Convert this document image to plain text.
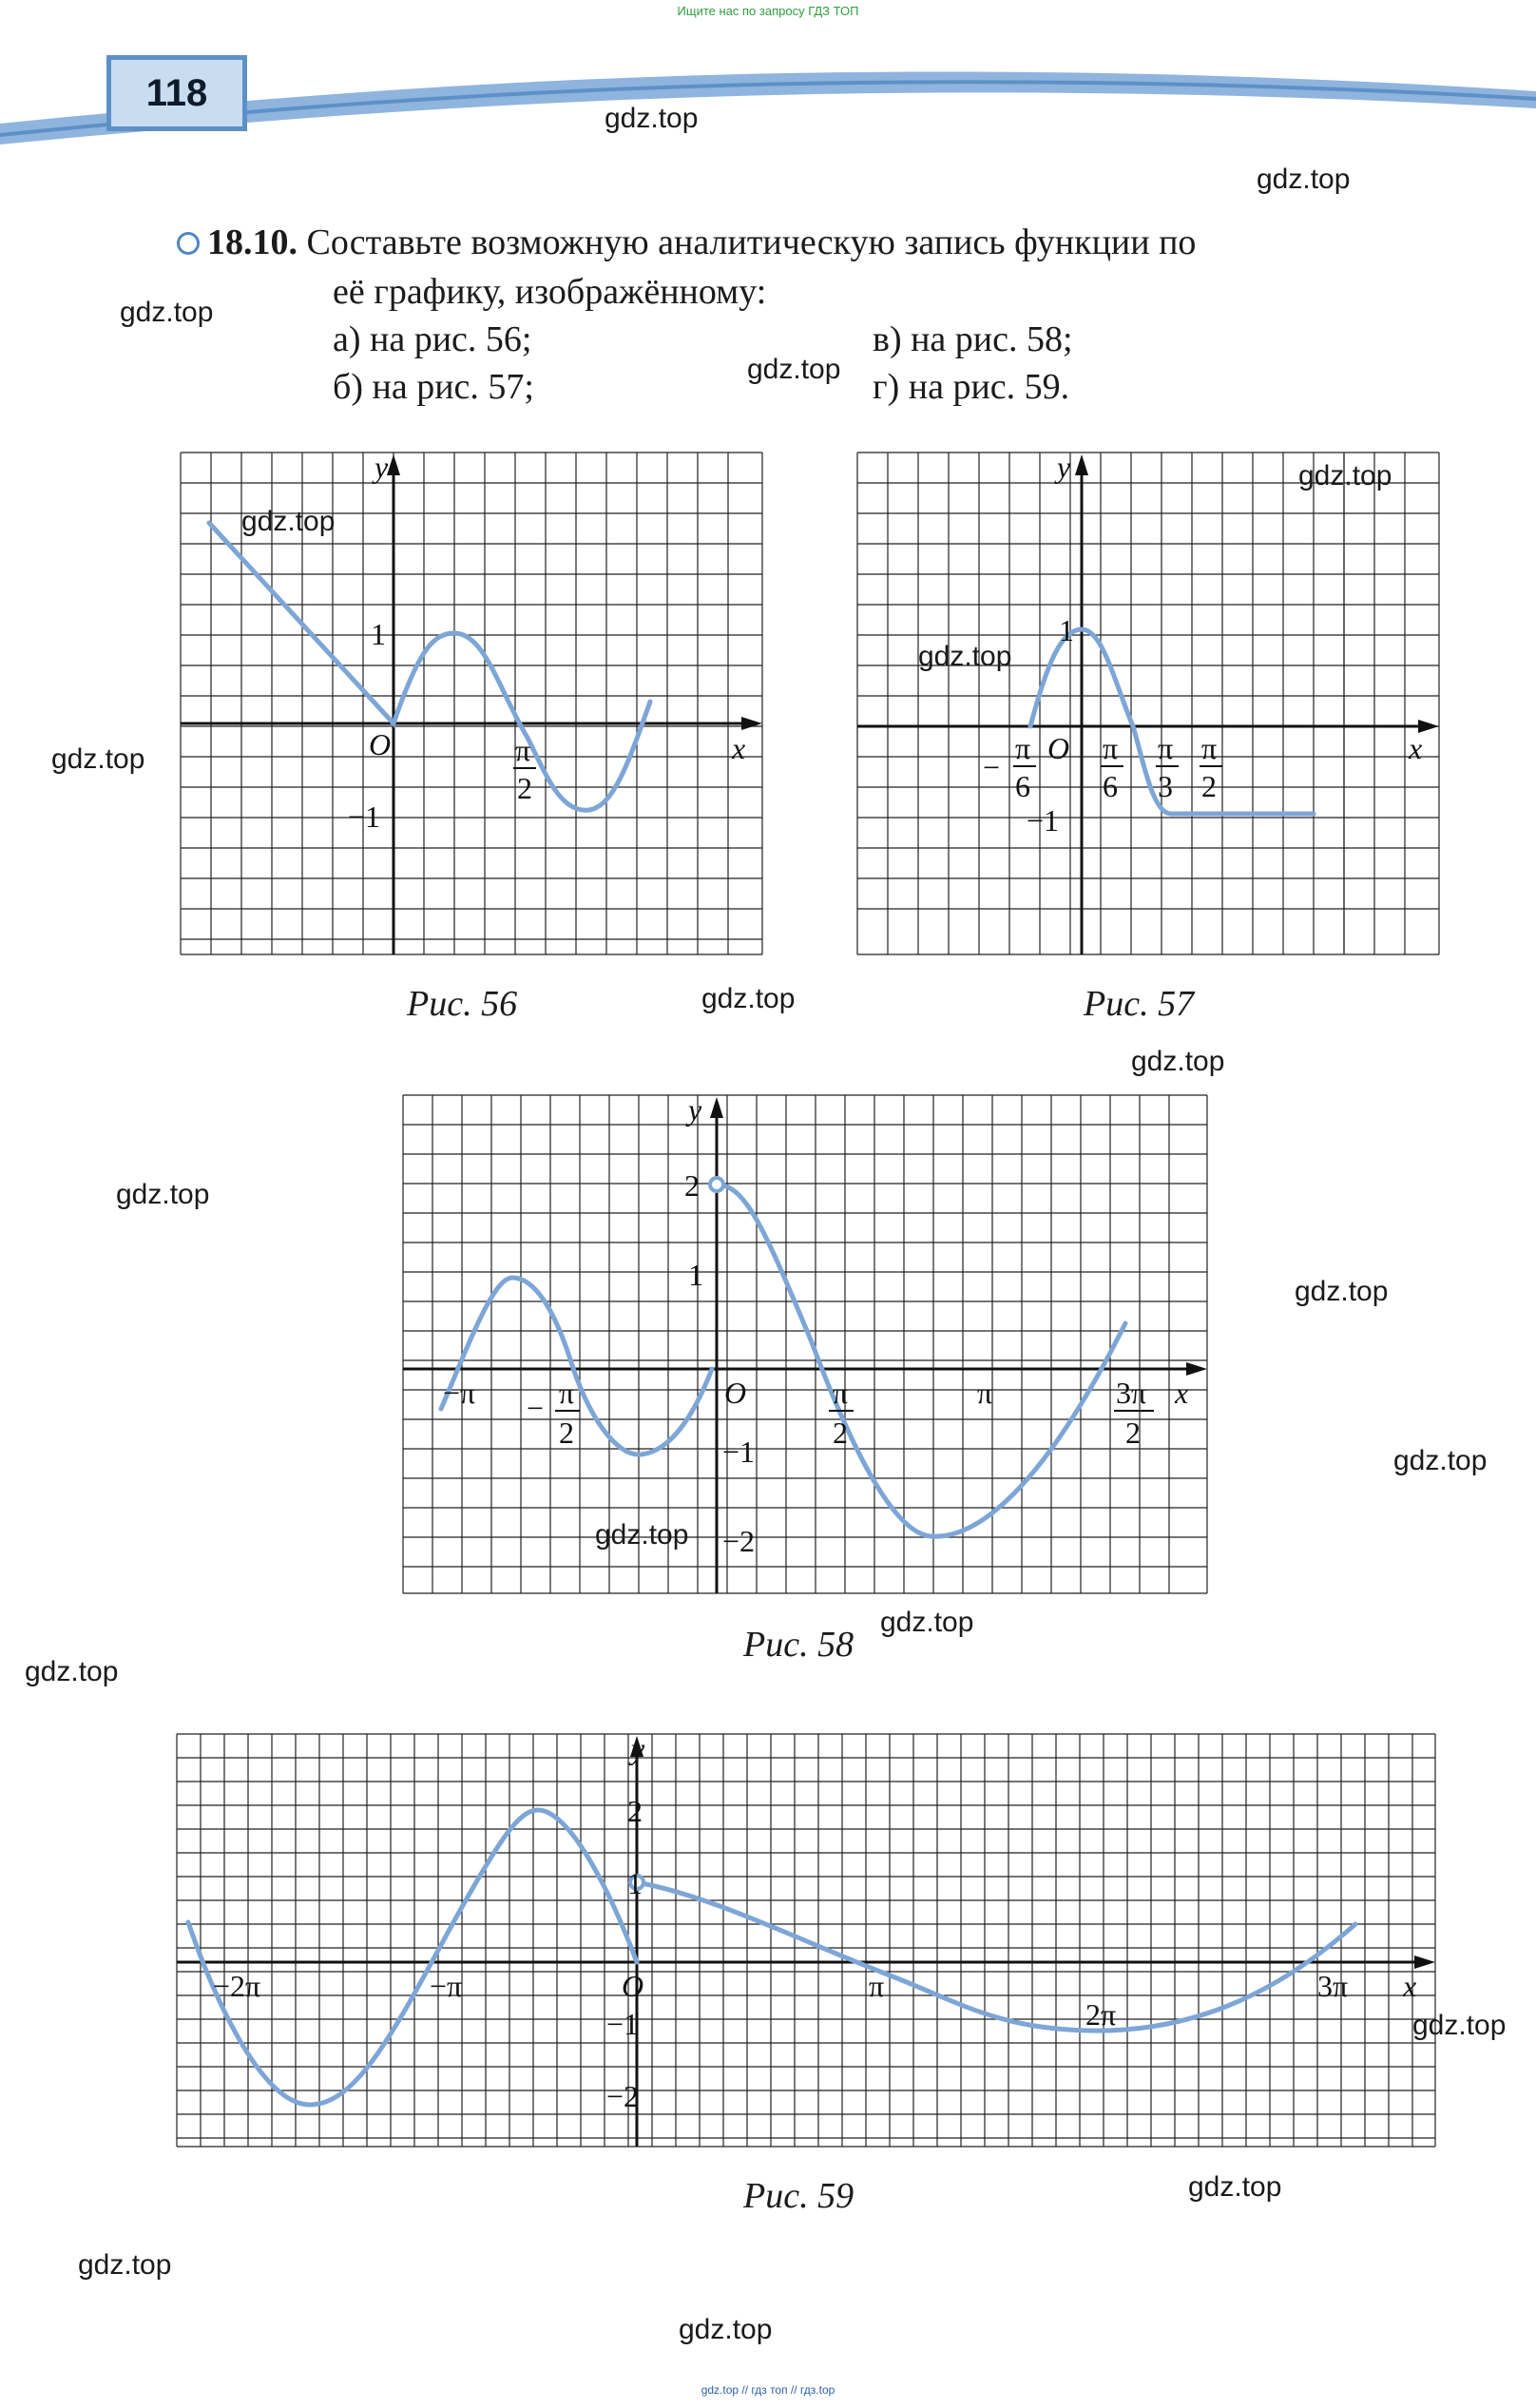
Ищите нас по запросу ГДЗ ТОП
118
18.10. Составьте возможную аналитическую запись функции по
её графику, изображённому:
а) на рис. 56;
б) на рис. 57;
в) на рис. 58;
г) на рис. 59.
y
x
O
1
−1
π
2
Рис. 56
y
x
O
1
−1
−
π
6
π
6
π
3
π
2
Рис. 57
y
x
O
2
1
−1
−2
−π − π
2
π
2
π	3π
2
Рис. 58
y
x
O
2
1
−1
−2
−2π	−π	π
2π
3π
Рис. 59
gdz.top
gdz.top
gdz.top
gdz.top
gdz.top
gdz.top
gdz.top
gdz.top
gdz.top
gdz.top
gdz.top
gdz.top
gdz.top
gdz.top
gdz.top
gdz.top
gdz.top
gdz.top
gdz.top
gdz.top
gdz.top // гдз топ // гдз.top
